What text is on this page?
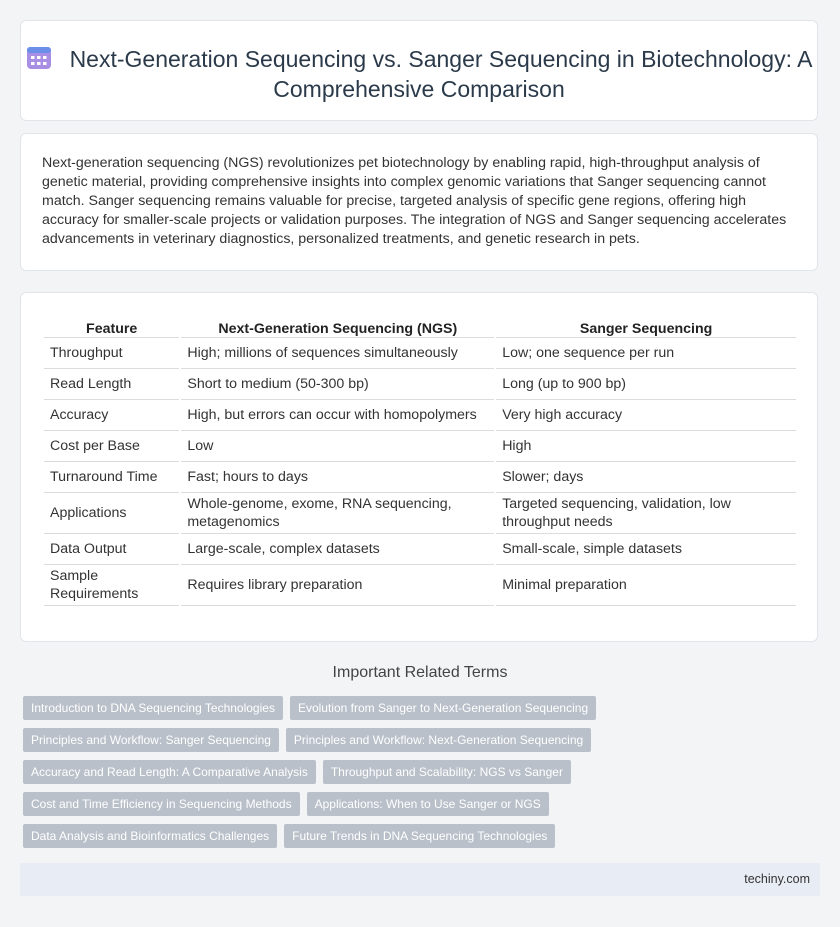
Next-Generation Sequencing vs. Sanger Sequencing in Biotechnology: A Comprehensive Comparison
Next-generation sequencing (NGS) revolutionizes pet biotechnology by enabling rapid, high-throughput analysis of genetic material, providing comprehensive insights into complex genomic variations that Sanger sequencing cannot match. Sanger sequencing remains valuable for precise, targeted analysis of specific gene regions, offering high accuracy for smaller-scale projects or validation purposes. The integration of NGS and Sanger sequencing accelerates advancements in veterinary diagnostics, personalized treatments, and genetic research in pets.
Feature	Next-Generation Sequencing (NGS)	Sanger Sequencing
Throughput	High; millions of sequences simultaneously	Low; one sequence per run
Read Length	Short to medium (50-300 bp)	Long (up to 900 bp)
Accuracy	High, but errors can occur with homopolymers	Very high accuracy
Cost per Base	Low	High
Turnaround Time	Fast; hours to days	Slower; days
Applications	Whole-genome, exome, RNA sequencing, metagenomics	Targeted sequencing, validation, low throughput needs
Data Output	Large-scale, complex datasets	Small-scale, simple datasets
Sample Requirements	Requires library preparation	Minimal preparation
Important Related Terms
Introduction to DNA Sequencing Technologies	Evolution from Sanger to Next-Generation Sequencing
Principles and Workflow: Sanger Sequencing	Principles and Workflow: Next-Generation Sequencing
Accuracy and Read Length: A Comparative Analysis	Throughput and Scalability: NGS vs Sanger
Cost and Time Efficiency in Sequencing Methods	Applications: When to Use Sanger or NGS
Data Analysis and Bioinformatics Challenges	Future Trends in DNA Sequencing Technologies
techiny.com
